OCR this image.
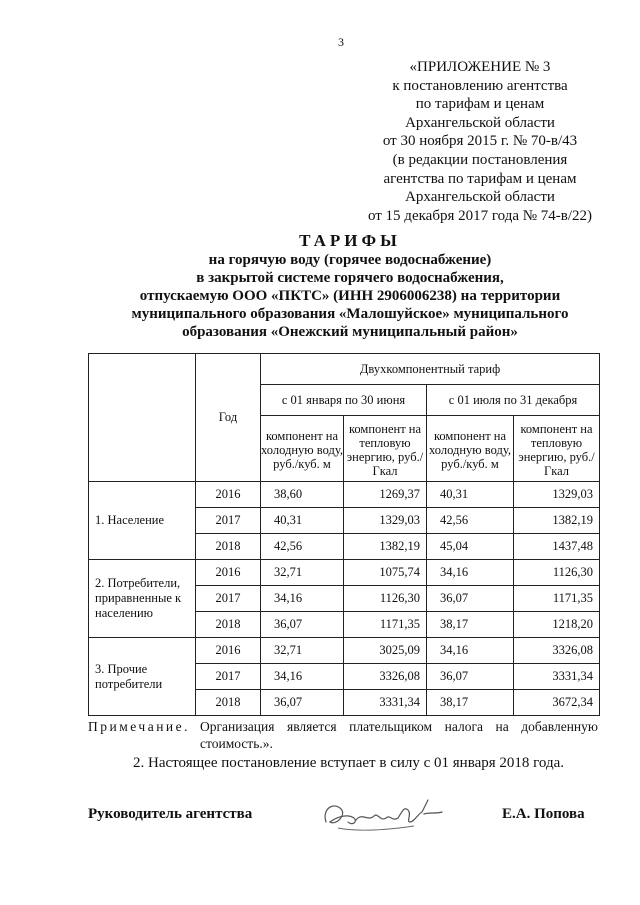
3
«ПРИЛОЖЕНИЕ № 3
к постановлению агентства
по тарифам и ценам
Архангельской области
от 30 ноября 2015 г. № 70-в/43
(в редакции постановления
агентства по тарифам и ценам
Архангельской области
от 15 декабря 2017 года № 74-в/22)
ТАРИФЫ
на горячую воду (горячее водоснабжение)
в закрытой системе горячего водоснабжения,
отпускаемую ООО «ПКТС» (ИНН 2906006238) на территории
муниципального образования «Малошуйское» муниципального
образования «Онежский муниципальный район»
	Год	Двухкомпонентный тариф			
		с 01 января по 30 июня		с 01 июля по 31 декабря	
		компонент на холодную воду, руб./куб. м	компонент на тепловую энергию, руб./Гкал	компонент на холодную воду, руб./куб. м	компонент на тепловую энергию, руб./Гкал
1. Население	2016	38,60	1269,37	40,31	1329,03
	2017	40,31	1329,03	42,56	1382,19
	2018	42,56	1382,19	45,04	1437,48
2. Потребители, приравненные к населению	2016	32,71	1075,74	34,16	1126,30
	2017	34,16	1126,30	36,07	1171,35
	2018	36,07	1171,35	38,17	1218,20
3. Прочие потребители	2016	32,71	3025,09	34,16	3326,08
	2017	34,16	3326,08	36,07	3331,34
	2018	36,07	3331,34	38,17	3672,34
Примечание. Организация является плательщиком налога на добавленную
стоимость.».
2. Настоящее постановление вступает в силу с 01 января 2018 года.
Руководитель агентства	Е.А. Попова
